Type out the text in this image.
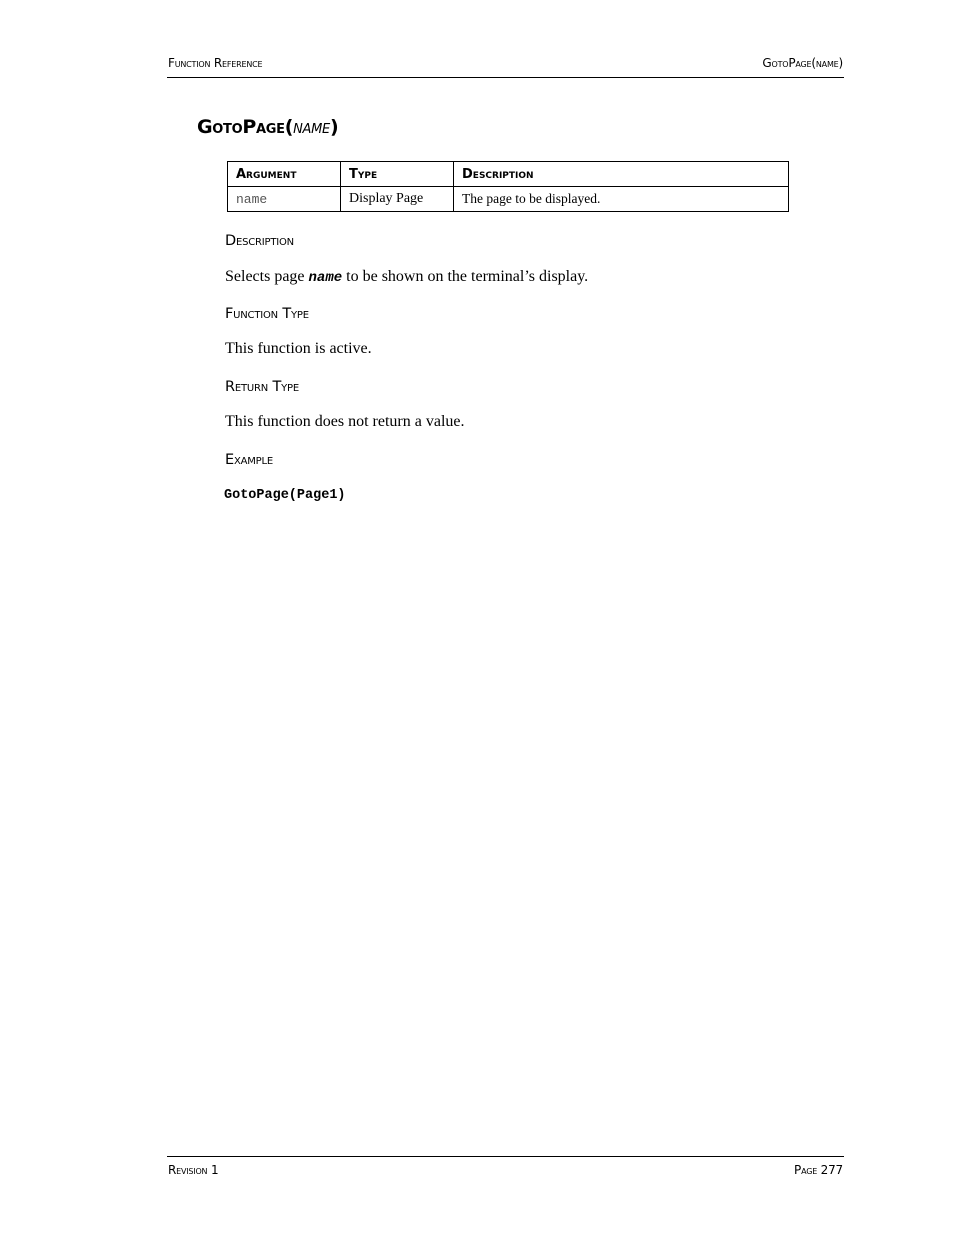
Function Reference	GotoPage(name)
GotoPage(name)
Argument	Type	Description
name	Display Page	The page to be displayed.
Description
Selects page name to be shown on the terminal’s display.
Function Type
This function is active.
Return Type
This function does not return a value.
Example
GotoPage(Page1)
Revision 1	Page 277
